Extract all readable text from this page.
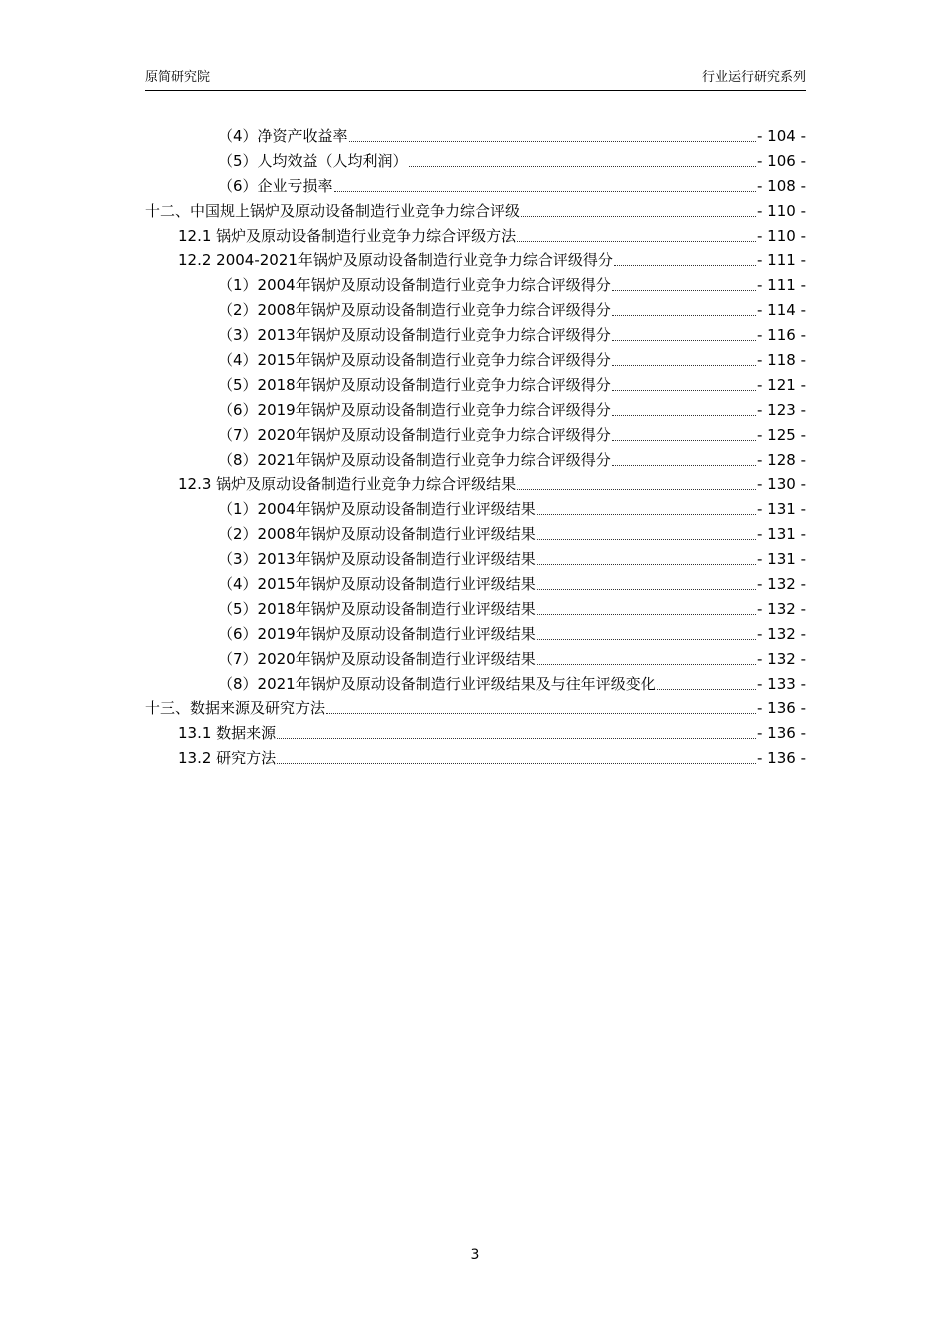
原简研究院	行业运行研究系列
（4）净资产收益率	- 104 -
（5）人均效益（人均利润）	- 106 -
（6）企业亏损率	- 108 -
十二、中国规上锅炉及原动设备制造行业竞争力综合评级	- 110 -
12.1 锅炉及原动设备制造行业竞争力综合评级方法	- 110 -
12.2 2004-2021年锅炉及原动设备制造行业竞争力综合评级得分	- 111 -
（1）2004年锅炉及原动设备制造行业竞争力综合评级得分	- 111 -
（2）2008年锅炉及原动设备制造行业竞争力综合评级得分	- 114 -
（3）2013年锅炉及原动设备制造行业竞争力综合评级得分	- 116 -
（4）2015年锅炉及原动设备制造行业竞争力综合评级得分	- 118 -
（5）2018年锅炉及原动设备制造行业竞争力综合评级得分	- 121 -
（6）2019年锅炉及原动设备制造行业竞争力综合评级得分	- 123 -
（7）2020年锅炉及原动设备制造行业竞争力综合评级得分	- 125 -
（8）2021年锅炉及原动设备制造行业竞争力综合评级得分	- 128 -
12.3 锅炉及原动设备制造行业竞争力综合评级结果	- 130 -
（1）2004年锅炉及原动设备制造行业评级结果	- 131 -
（2）2008年锅炉及原动设备制造行业评级结果	- 131 -
（3）2013年锅炉及原动设备制造行业评级结果	- 131 -
（4）2015年锅炉及原动设备制造行业评级结果	- 132 -
（5）2018年锅炉及原动设备制造行业评级结果	- 132 -
（6）2019年锅炉及原动设备制造行业评级结果	- 132 -
（7）2020年锅炉及原动设备制造行业评级结果	- 132 -
（8）2021年锅炉及原动设备制造行业评级结果及与往年评级变化	- 133 -
十三、数据来源及研究方法	- 136 -
13.1 数据来源	- 136 -
13.2 研究方法	- 136 -
3
